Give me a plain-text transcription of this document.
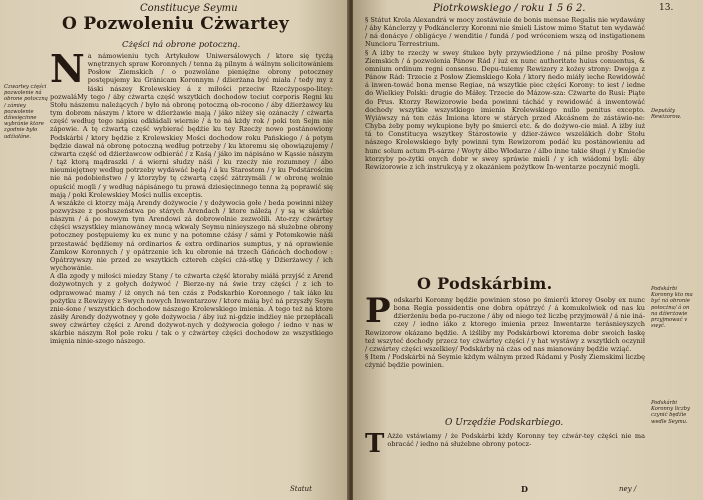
Constitucye Seymu
O Pozwoleniu Cżwartey
Cżęści ná obrone potoczną.
Czwartey cżęści pozwolenie ná obrone potoczną / zámiey pozwolenie dźiesięcinne wybránie ktore zgodnie było udźiałáne.

Na námowieniu tych Artykułow Uniwersálowych / ktore się tycżą wnętrznych spraw Koronnych / tenna żą pilnym á wálnym solicitowániem Posłow Ziemskich / o pozwoláne pieniężne obrony potoczney postępujemy ku Gránicam Koronnym / dźierżana być miała / tedy my z łáski nászey Krolewskiey á z miłości przeciw Rzecżypospo-litey: pozwaláMy tego / áby cżwarta część wszytkich dochodow tociut corporis Regni ku Stołu nászemu należących / było ná obronę potoczną ob-rocono / áby dźierżawcy ku tym dobrom nászym / ktore w dźierżawie mają / jáko niżey się ozánacży / cżwarta część według tego nápisu odkłádali wiernie / á to ná kżdy rok / poki ten Sejm nie zápowie. A tę cżwartą część wybierać będźie ku tey Rzecży nowo postánowiony Podskárbi / ktory będźie z Krolewskiey Mości dochodow roku Pańskiego / á potym będzie dawał ná obronę potoczną według potrzeby / ku ktoremu się obowiązujemy / cżwarta część od dźierżawcow odbieráć / z Kaśą / jáko im nápisáno w Kąssie nászym / tąż ktorą mądraszki / á wierni słudzy náśi / ku rzecży nie rozumney / ábo nieumiejętney według potrzeby wydáwáć będą / á ku Starostom / y ku Podstárościm nie ná podobieństwo / y ktorzyby tę cżwartą część zátrzymáli / w obronę wolnie opuścić mogli / y według nápisánego tu prawá dziesięcinnego tenna żą poprawić się mają / poki Krolewskiey Mości nullis exceptis.

A wszákże ci ktorzy máją Arendy dożywocie / y dożywocia gołe / beda powinni niżey pozwyższe z posłuszeństwa po stárych Arendach / ktore náleżą / y są w skárbie nászym / á po nowym tym Arendowi zá dobrowolnie zezwolili. Ato-rzy cżwártey cżęści wszystkiey mianowáney mocą wkwaly Seymu ninieyszego ná służebne obrony potoczney postępuiemy ku ex nunc y na potomne cżásy / sámi y Potomkowie náśi przestawáć będźiemy ná ordinarios & extra ordinarios sumptus, y ná oprawienie Zamkow Koronnych / y opátrzenie ich ku obronie ná trzech Gáńcách dochodow : Opátrzywszy nie przed ze wszytkich cżtereh cżęści cżá-stkę y Dźierżawcy / ich wychowánie.

A dla zgody y miłości miedzy Stany / te cżwarta cżęść ktoraby miáłá przyjść z Arend dożywotnych y z gołych dożywoć / Bierze-ny ná świe trzy cżęści / z ich to odprawować mamy / iż onych ná ten czás z Podskarbio Koronnego / tak iáko ku pożytku z Rewizyey z Swych nowych Inwentarzow / ktore máią być ná przyszły Seym znie-śone / wszystkich dochodow nászego Krolewskiego imienia. A tego też ná ktore zásiły Arendy dożywotney y gołe dożywocia / áby iuż ni-gdzie indźiey nie przepłácali swey cżwártey cżęści z Arend dożywot-nych y dożywocia gołego / iedno v nas w skárbie nászym Roł pole roku / tak o y cżwártey cżęści dochodow ze wszystkiego imięnia ninie-szego nászego.

Statut
Piotrkowskiego / roku 1 5 6 2.	13.

§ Státut Krola Alexandrá w mocy zostáwiuie de bonis mensae Regalis nie wydawány / áby Kánclerzy y Podkánclerzy Koronni nie śmieli Listow mimo Statut ten wydawáć / ná donácye / obligácye / wenditie / fundá / pod wróceniem wszą od instigationem Nuncioru Terrestrium.

§ A iżby te rzecży w swey śtukee były przywiedźione / ná pilne prośby Posłow Ziemskich / á pozwolenia Pánow Rád / iuż ex nunc authoritate huius conuentus, & omnium ordinum regni consensu. Depu-tuiemy Rewizory z kożey strony: Dwojga z Pánow Rád: Trzecie z Posłow Ziemskiego Koła / ktory ńedo miáły ieche Rewidowáć á inwen-towáć bona mense Regiae, ná wszytkie piec cżęści Korony: to iest / iedne do Wielkiey Polski: drugie do Máłey. Trzecie do Mázow-sza: Cżwarte do Rusi: Piąte do Prus. Ktorzy Rewizorowie beda powinni tácháć y rewidowáć á inwentowáć dochody wszytkie wszystkiego imienia Krolewskiego nullo penitus excepto. Wyiáwszy ná ten cżás Imiona ktore w stárych przed Akcáśnem że zástáwio-ne: Chyba żeby pomy wykupione były po śmierci etc. & do dożywo-cie miał. A iżby iuż tá to Constitucya wszytkey Stárostowie y dźier-żáwce wszelákich dobr Stołu nászego Krolewskiego były powinni tym Rewizorom podáć ku postánowieniu ad hunc solum actum Pi-sárze / Woyty álbo Włodarze / álbo inne takie śługi / y Kmiećie ktorzyby po-żytki onych dobr w swey spráwie mieli / y ich wiádomi byli: áby Rewizorowie z ich instrukcyą y z okazániem pożytkow In-wentarze poczynić mogli.

Deputáty Rewizorow.
O Podskárbim.

Podskarbi Koronny będźie powinien stoso po śmierći ktorey Osoby ex nunc bona Regia possidentis one dobra opátrzyć / á komukolwiek od nas ku dźierżeniu beda po-ruczone / áby od niego też liczbę przyjmowáł / á nie iná-czey / iedno iáko z ktorego imienia przez Inwentarze terásnieyszych Rewizorow okázano będźie. A iżśliby my Podskárbowi ktorema dobr swoich łaskę też wszyteć dochody przecz tey cżwártey cżęści / y hat wystáwy z wszytkich oczynił / czwártey cżęści wszelkiey/ Podskárby ná cżas od nas mianowány będźie wziąć.

§ Item / Podskárbi ná Seymie kżdym wálnym przed Rádami y Posły Ziemskimi liczbę cżynić będźie powinien.

Podskárbi Koronny kto ma być ná obronie potocżna/ á on na dźierżawie przyjmować v swyć.
Podskárbi Koronny liczby czynić będźie wedle Seymu.
O Urzędźie Podskarbiego.

T Ażże vstáwiamy / że Podskárbi kżdy Koronny tey cżwár-tey cżęści nie ma obracáć / iedno ná służebne obrony potocz-

D	ney /
